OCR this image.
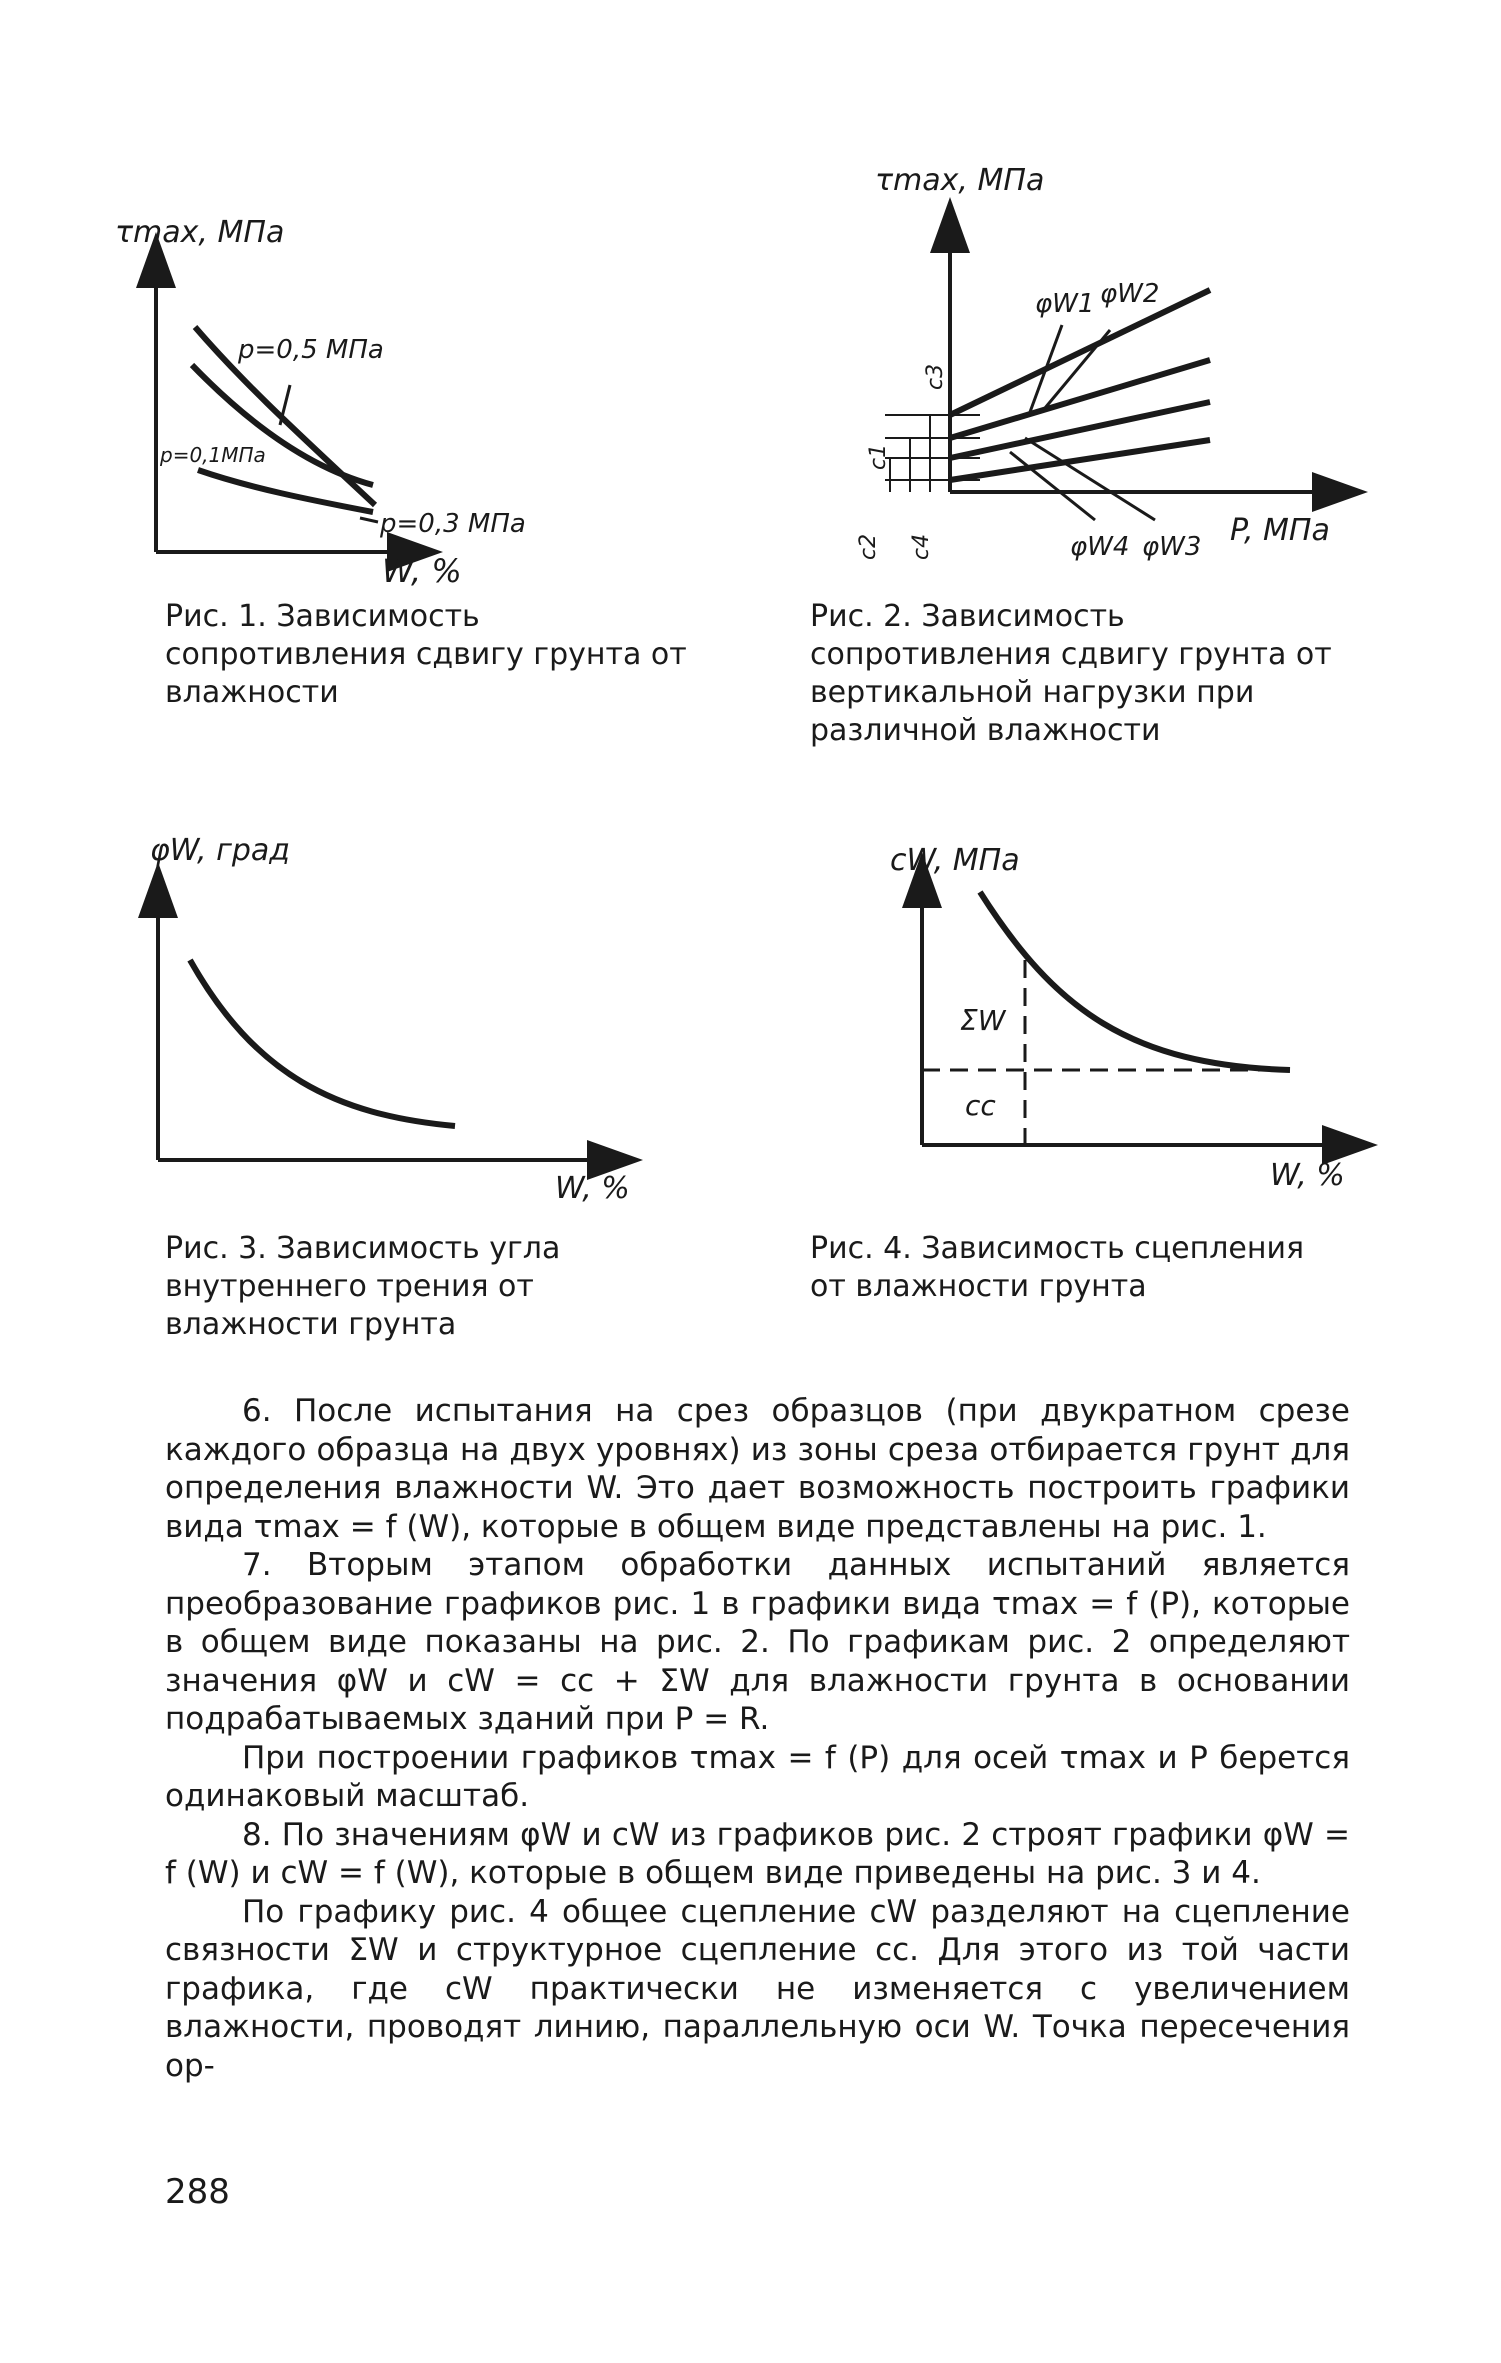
τmax, МПа
W, %
p=0,5 МПа
p=0,1МПа
p=0,3 МПа

Рис. 1. Зависимость сопротивления сдвигу грунта от влажности

τmax, МПа
P, МПа
φW1 φW2
φW4 φW3
c3
c1
c2 c4

Рис. 2. Зависимость сопротивления сдвигу грунта от вертикальной нагрузки при различной влажности

φW, град
W, %

Рис. 3. Зависимость угла внутреннего трения от влажности грунта

cW, МПа
W, %
ΣW
cc

Рис. 4. Зависимость сцепления от влажности грунта

6. После испытания на срез образцов (при двукратном срезе каждого образца на двух уровнях) из зоны среза отбирается грунт для определения влажности W. Это дает возможность построить графики вида τmax = f (W), которые в общем виде представлены на рис. 1.

7. Вторым этапом обработки данных испытаний является преобразование графиков рис. 1 в графики вида τmax = f (P), которые в общем виде показаны на рис. 2. По графикам рис. 2 определяют значения φW и cW = cc + ΣW для влажности грунта в основании подрабатываемых зданий при P = R.

При построении графиков τmax = f (P) для осей τmax и P берется одинаковый масштаб.

8. По значениям φW и cW из графиков рис. 2 строят графики φW = f (W) и cW = f (W), которые в общем виде приведены на рис. 3 и 4.

По графику рис. 4 общее сцепление cW разделяют на сцепление связности ΣW и структурное сцепление cc. Для этого из той части графика, где cW практически не изменяется с увеличением влажности, проводят линию, параллельную оси W. Точка пересечения ор-

288
